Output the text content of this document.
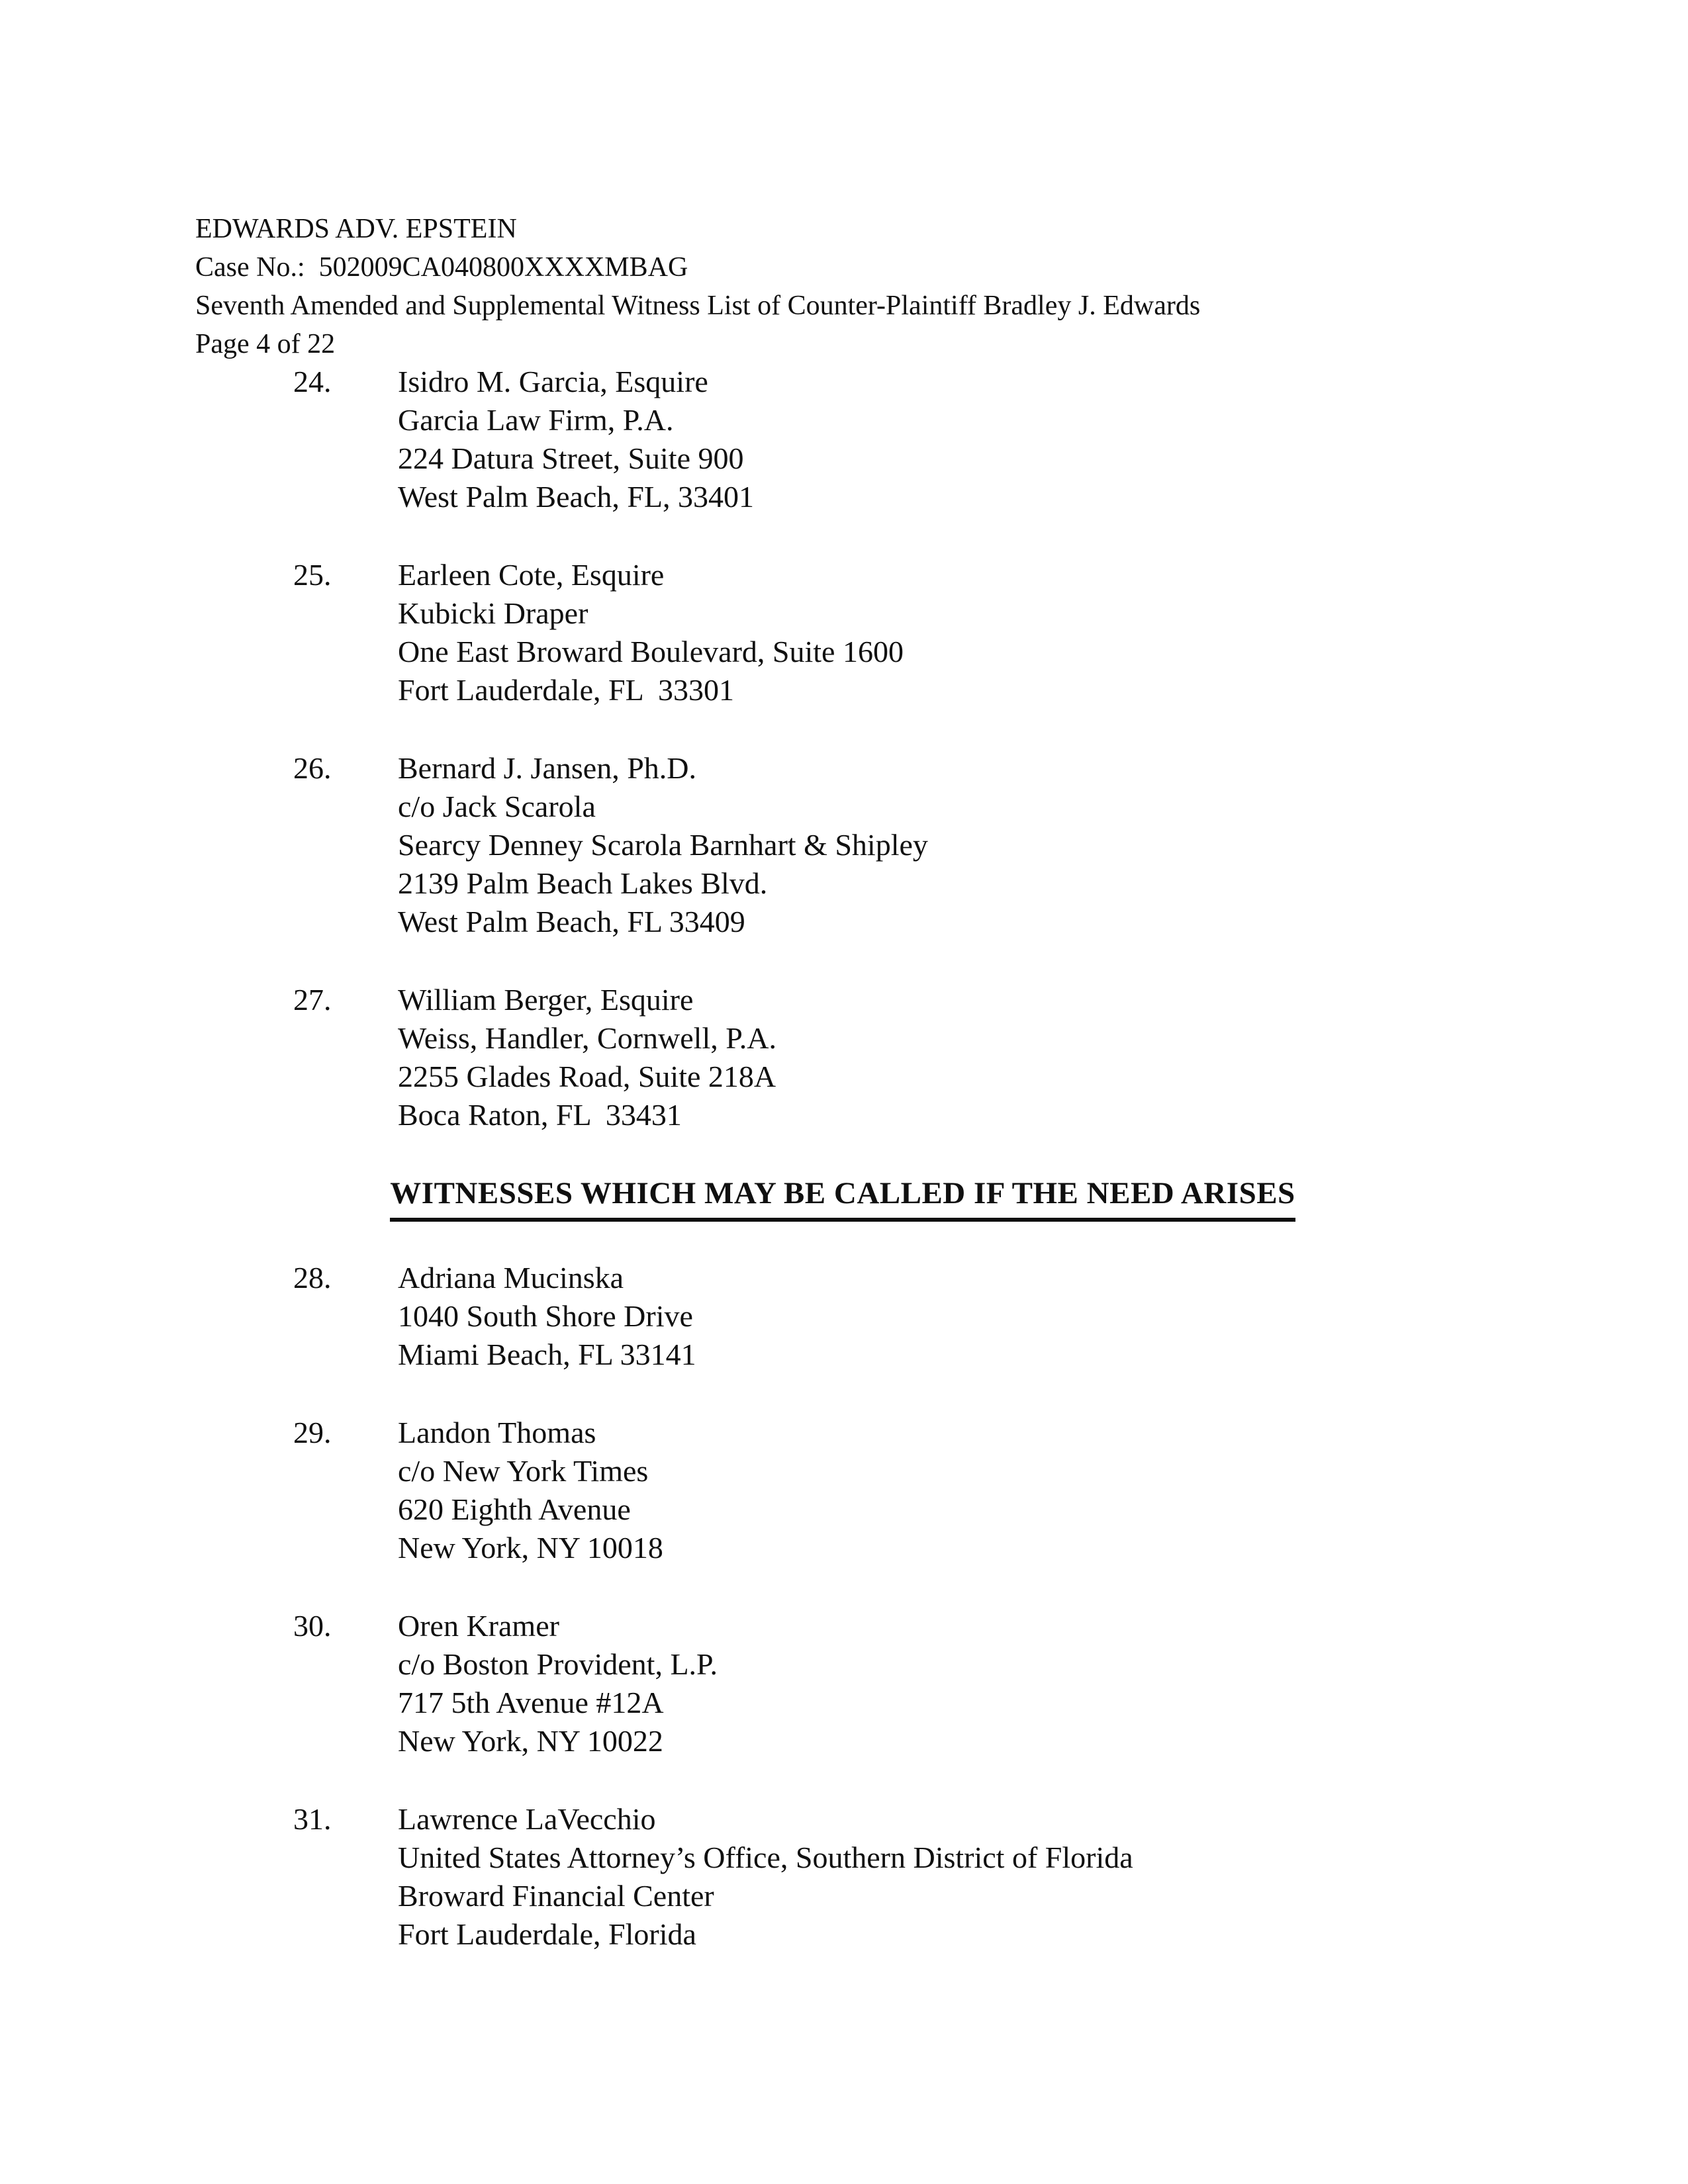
EDWARDS ADV. EPSTEIN
Case No.:  502009CA040800XXXXMBAG
Seventh Amended and Supplemental Witness List of Counter-Plaintiff Bradley J. Edwards
Page 4 of 22
24.	Isidro M. Garcia, Esquire
Garcia Law Firm, P.A.
224 Datura Street, Suite 900
West Palm Beach, FL, 33401
25.	Earleen Cote, Esquire
Kubicki Draper
One East Broward Boulevard, Suite 1600
Fort Lauderdale, FL  33301
26.	Bernard J. Jansen, Ph.D.
c/o Jack Scarola
Searcy Denney Scarola Barnhart & Shipley
2139 Palm Beach Lakes Blvd.
West Palm Beach, FL 33409
27.	William Berger, Esquire
Weiss, Handler, Cornwell, P.A.
2255 Glades Road, Suite 218A
Boca Raton, FL  33431
WITNESSES WHICH MAY BE CALLED IF THE NEED ARISES
28.	Adriana Mucinska
1040 South Shore Drive
Miami Beach, FL 33141
29.	Landon Thomas
c/o New York Times
620 Eighth Avenue
New York, NY 10018
30.	Oren Kramer
c/o Boston Provident, L.P.
717 5th Avenue #12A
New York, NY 10022
31.	Lawrence LaVecchio
United States Attorney’s Office, Southern District of Florida
Broward Financial Center
Fort Lauderdale, Florida
